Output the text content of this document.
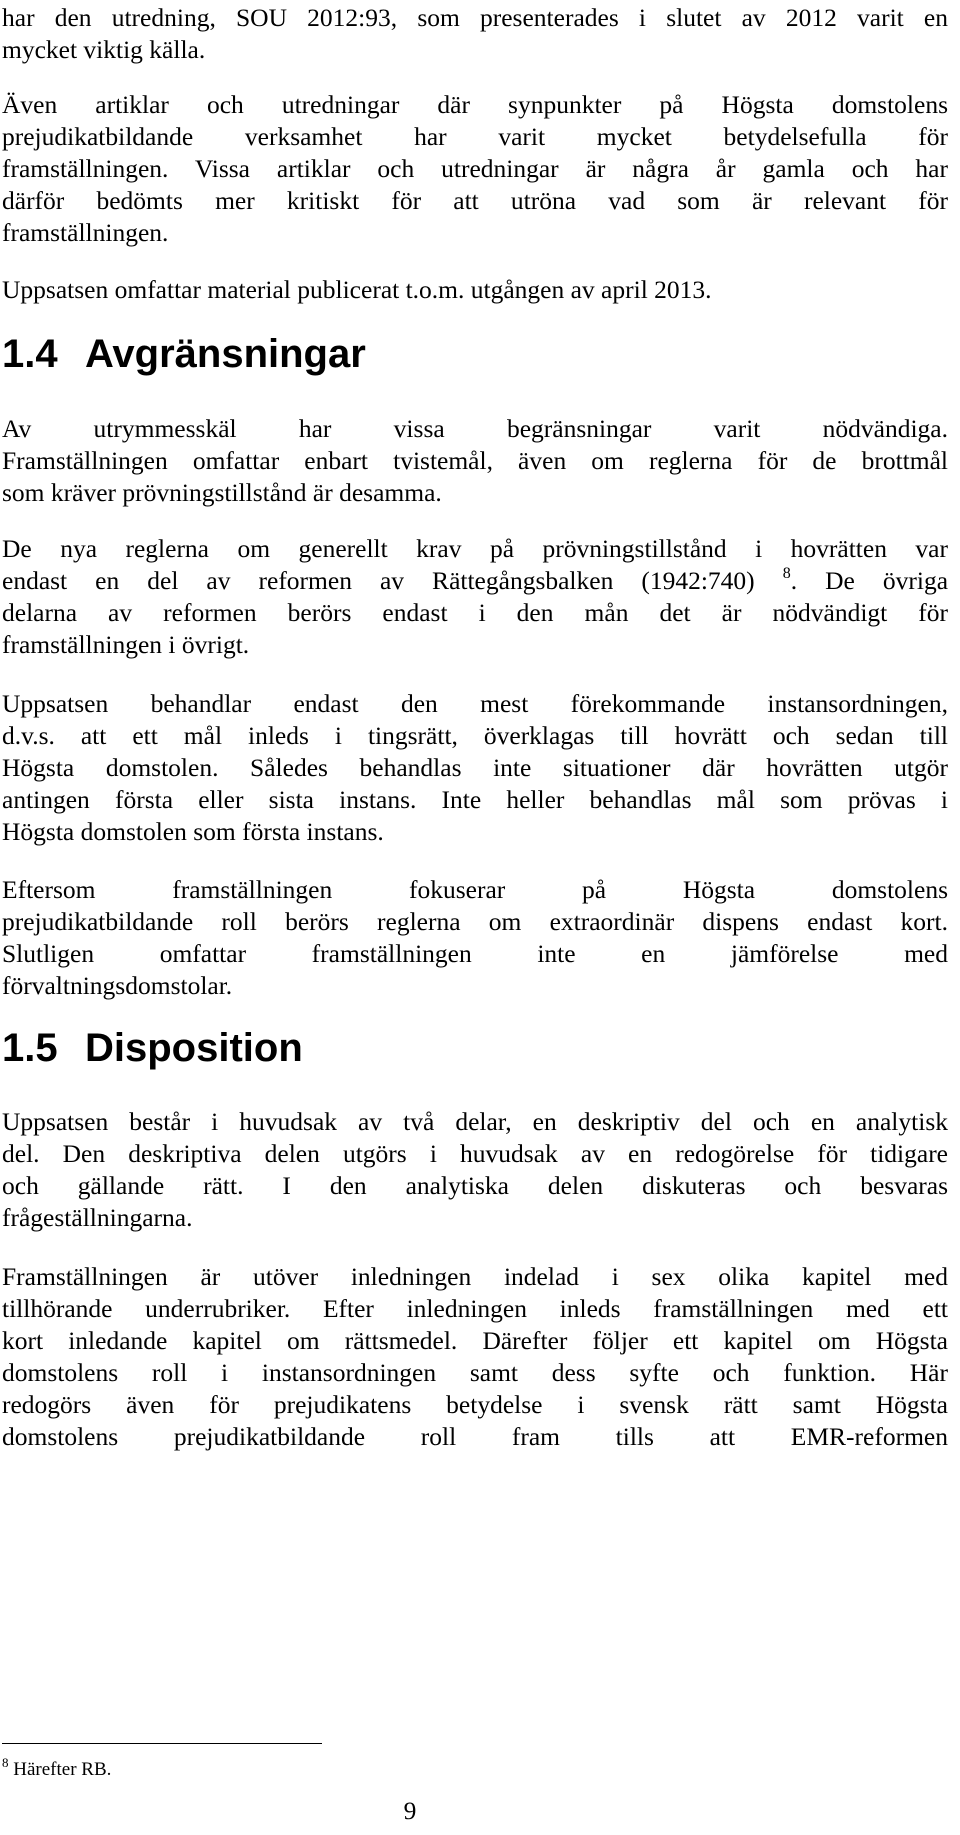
har den utredning, SOU 2012:93, som presenterades i slutet av 2012 varit en
mycket viktig källa.
Även artiklar och utredningar där synpunkter på Högsta domstolens
prejudikatbildande verksamhet har varit mycket betydelsefulla för
framställningen. Vissa artiklar och utredningar är några år gamla och har
därför bedömts mer kritiskt för att utröna vad som är relevant för
framställningen.
Uppsatsen omfattar material publicerat t.o.m. utgången av april 2013.
1.4 Avgränsningar
Av utrymmesskäl har vissa begränsningar varit nödvändiga.
Framställningen omfattar enbart tvistemål, även om reglerna för de brottmål
som kräver prövningstillstånd är desamma.
De nya reglerna om generellt krav på prövningstillstånd i hovrätten var
endast en del av reformen av Rättegångsbalken (1942:740) $^8$. De övriga
delarna av reformen berörs endast i den mån det är nödvändigt för
framställningen i övrigt.
Uppsatsen behandlar endast den mest förekommande instansordningen,
d.v.s. att ett mål inleds i tingsrätt, överklagas till hovrätt och sedan till
Högsta domstolen. Således behandlas inte situationer där hovrätten utgör
antingen första eller sista instans. Inte heller behandlas mål som prövas i
Högsta domstolen som första instans.
Eftersom framställningen fokuserar på Högsta domstolens
prejudikatbildande roll berörs reglerna om extraordinär dispens endast kort.
Slutligen omfattar framställningen inte en jämförelse med
förvaltningsdomstolar.
1.5 Disposition
Uppsatsen består i huvudsak av två delar, en deskriptiv del och en analytisk
del. Den deskriptiva delen utgörs i huvudsak av en redogörelse för tidigare
och gällande rätt. I den analytiska delen diskuteras och besvaras
frågeställningarna.
Framställningen är utöver inledningen indelad i sex olika kapitel med
tillhörande underrubriker. Efter inledningen inleds framställningen med ett
kort inledande kapitel om rättsmedel. Därefter följer ett kapitel om Högsta
domstolens roll i instansordningen samt dess syfte och funktion. Här
redogörs även för prejudikatens betydelse i svensk rätt samt Högsta
domstolens prejudikatbildande roll fram tills att EMR-reformen
$^8$ Härefter RB.
9
